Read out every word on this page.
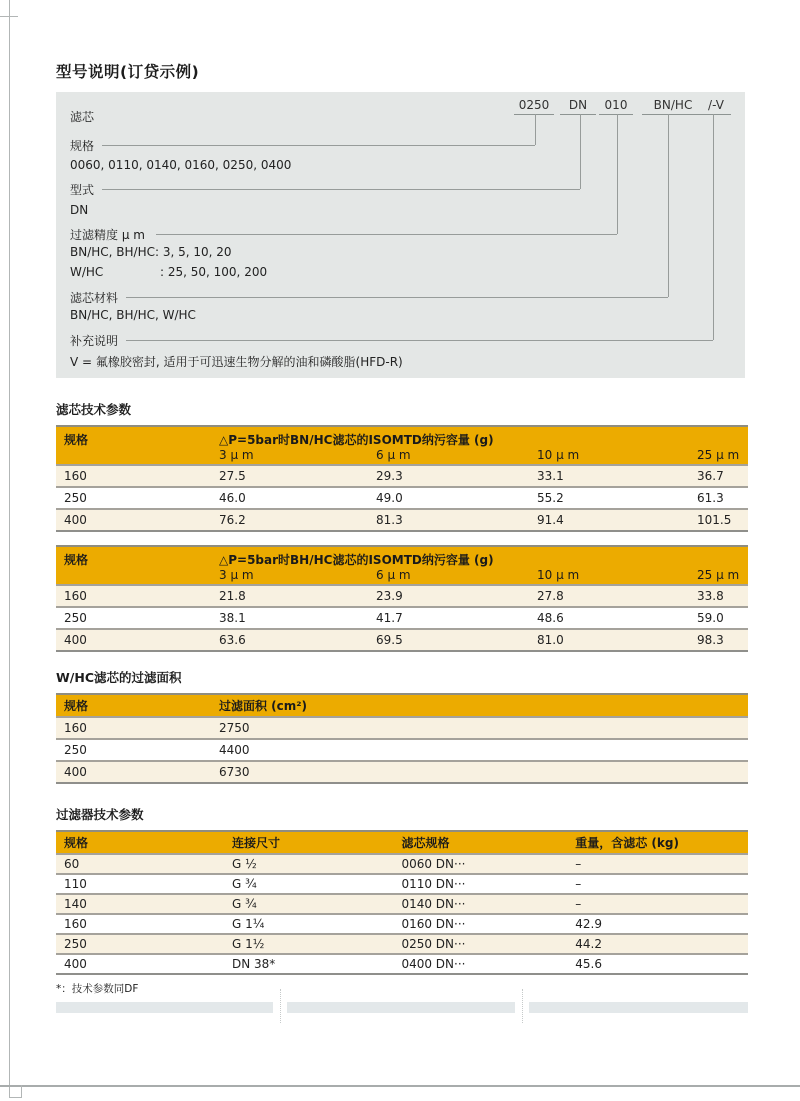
型号说明(订贷示例)
0250	DN	010	BN/HC	/-V
滤芯
规格
0060, 0110, 0140, 0160, 0250, 0400
型式
DN
过滤精度 μ m
BN/HC, BH/HC: 3, 5, 10, 20
W/HC	: 25, 50, 100, 200
滤芯材料
BN/HC, BH/HC, W/HC
补充说明
V = 氟橡胶密封, 适用于可迅速生物分解的油和磷酸脂(HFD-R)
滤芯技术参数
规格	△P=5bar时BN/HC滤芯的ISOMTD纳污容量 (g)			
	3 μ m	6 μ m	10 μ m	25 μ m
160	27.5	29.3	33.1	36.7
250	46.0	49.0	55.2	61.3
400	76.2	81.3	91.4	101.5
规格	△P=5bar时BH/HC滤芯的ISOMTD纳污容量 (g)			
	3 μ m	6 μ m	10 μ m	25 μ m
160	21.8	23.9	27.8	33.8
250	38.1	41.7	48.6	59.0
400	63.6	69.5	81.0	98.3
W/HC滤芯的过滤面积
规格	过滤面积 (cm²)
160	2750
250	4400
400	6730
过滤器技术参数
规格	连接尺寸	滤芯规格	重量，含滤芯 (kg)
60	G ½	0060 DN···	–
110	G ¾	0110 DN···	–
140	G ¾	0140 DN···	–
160	G 1¼	0160 DN···	42.9
250	G 1½	0250 DN···	44.2
400	DN 38*	0400 DN···	45.6
*：技术参数同DF
